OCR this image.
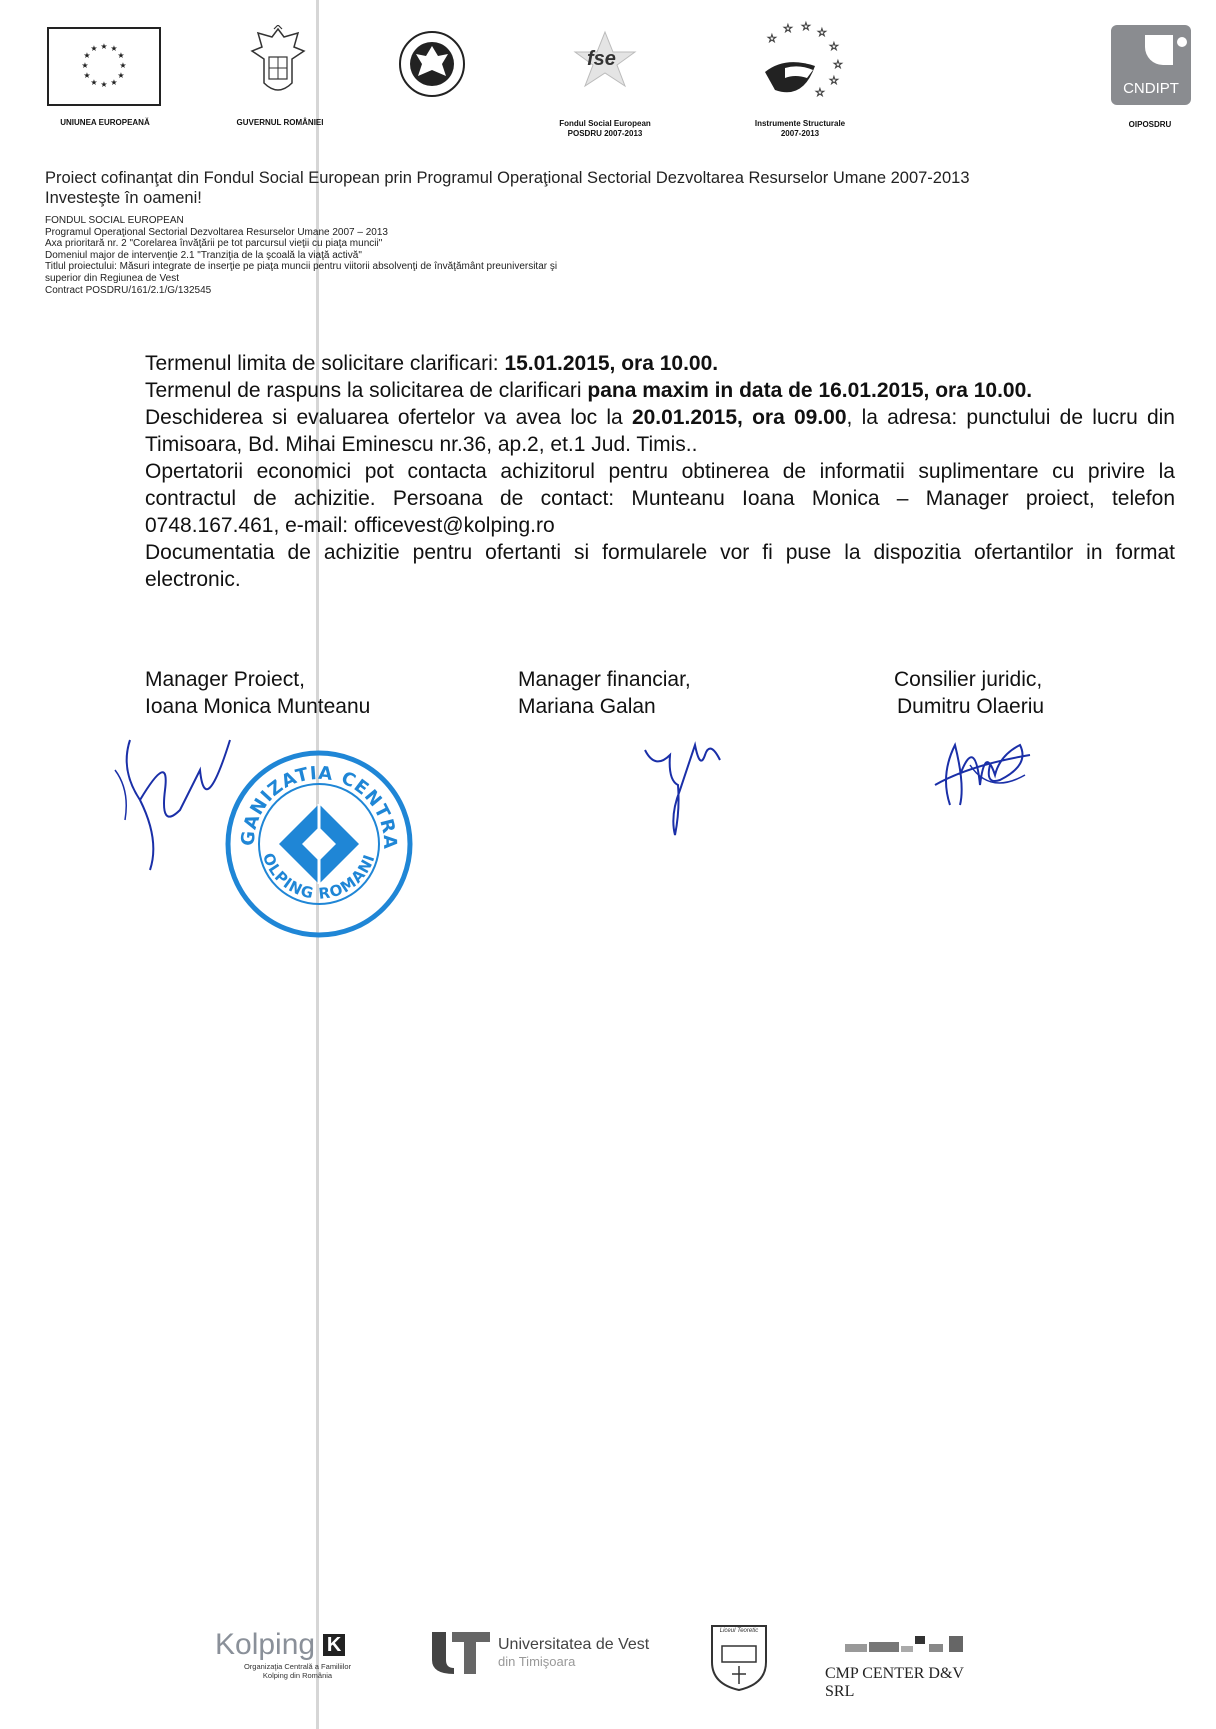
★ ★
★
★
★
★
★
★
★
★
★
★
UNIUNEA EUROPEANĂ	GUVERNUL ROMÂNIEI
fse
Fondul Social European
POSDRU 2007-2013
☆
☆ ☆ ☆
☆
☆
☆
☆
Instrumente Structurale
2007-2013
CNDIPT
OIPOSDRU
Proiect cofinanţat din Fondul Social European prin Programul Operaţional Sectorial Dezvoltarea Resurselor Umane 2007-2013
Investeşte în oameni!
FONDUL SOCIAL EUROPEAN
Programul Operaţional Sectorial Dezvoltarea Resurselor Umane 2007 – 2013
Axa prioritară nr. 2 "Corelarea învăţării pe tot parcursul vieţii cu piaţa muncii"
Domeniul major de intervenţie 2.1 "Tranziţia de la şcoală la viaţă activă"
Titlul proiectului: Măsuri integrate de inserţie pe piaţa muncii pentru viitorii absolvenţi de învăţământ preuniversitar şi
superior din Regiunea de Vest
Contract POSDRU/161/2.1/G/132545

Termenul limita de solicitare clarificari: 15.01.2015, ora 10.00.

Termenul de raspuns la solicitarea de clarificari pana maxim in data de 16.01.2015, ora 10.00.

Deschiderea si evaluarea ofertelor va avea loc la 20.01.2015, ora 09.00, la adresa: punctului de lucru din Timisoara, Bd. Mihai Eminescu nr.36, ap.2, et.1 Jud. Timis..

Opertatorii economici pot contacta achizitorul pentru obtinerea de informatii suplimentare cu privire la contractul de achizitie. Persoana de contact: Munteanu Ioana Monica – Manager proiect, telefon 0748.167.461, e-mail: officevest@kolping.ro

Documentatia de achizitie pentru ofertanti si formularele vor fi puse la dispozitia ofertantilor in format electronic.

Manager Proiect,
Ioana Monica Munteanu
Manager financiar,
Mariana Galan
Consilier juridic,
Dumitru Olaeriu
GANIZATIA CENTRA
OLPING ROMANI
Kolping K
Organizaţia Centrală a Familiilor
Kolping din România
Universitatea de Vest
din Timişoara
Liceul Teoretic
CMP CENTER D&V SRL
